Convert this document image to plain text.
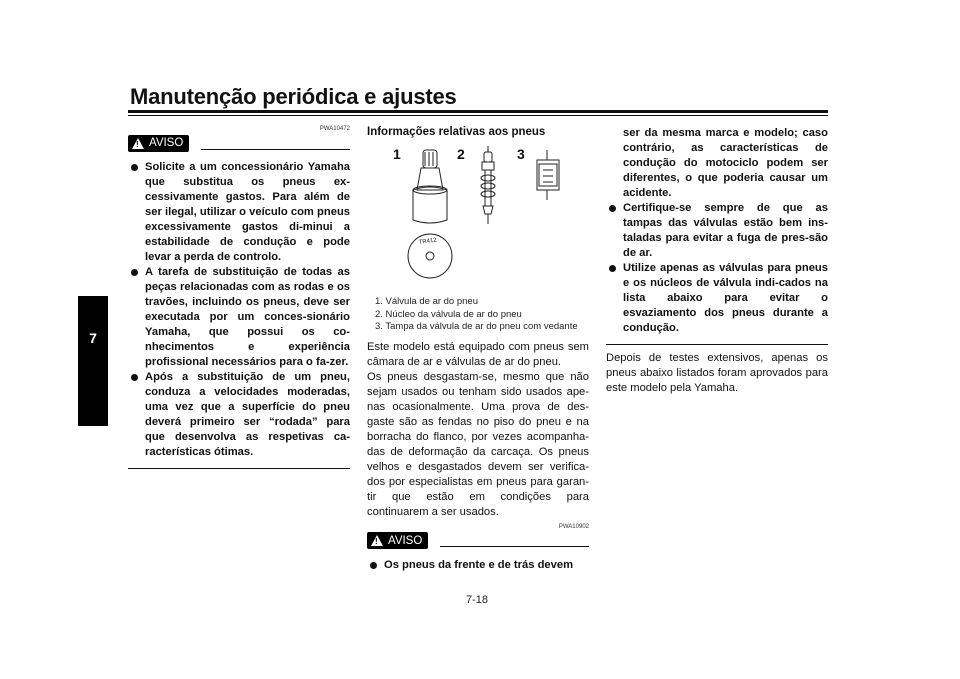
Manutenção periódica e ajustes
7
PWA10472
! AVISO
Solicite a um concessionário Yamaha que substitua os pneus ex-cessivamente gastos. Para além de ser ilegal, utilizar o veículo com pneus excessivamente gastos di-minui a estabilidade de condução e pode levar a perda de controlo.
A tarefa de substituição de todas as peças relacionadas com as rodas e os travões, incluindo os pneus, deve ser executada por um conces-sionário Yamaha, que possui os co-nhecimentos e experiência profissional necessários para o fa-zer.
Após a substituição de um pneu, conduza a velocidades moderadas, uma vez que a superfície do pneu deverá primeiro ser “rodada” para que desenvolva as respetivas ca-racterísticas ótimas.
Informações relativas aos pneus
1	2	3
TR412
1. Válvula de ar do pneu
2. Núcleo da válvula de ar do pneu
3. Tampa da válvula de ar do pneu com vedante
Este modelo está equipado com pneus sem câmara de ar e válvulas de ar do pneu.
Os pneus desgastam-se, mesmo que não sejam usados ou tenham sido usados ape-nas ocasionalmente. Uma prova de des-gaste são as fendas no piso do pneu e na borracha do flanco, por vezes acompanha-das de deformação da carcaça. Os pneus velhos e desgastados devem ser verifica-dos por especialistas em pneus para garan-tir que estão em condições para continuarem a ser usados.
PWA10902
! AVISO
Os pneus da frente e de trás devem
ser da mesma marca e modelo; caso contrário, as características de condução do motociclo podem ser diferentes, o que poderia causar um acidente.
Certifique-se sempre de que as tampas das válvulas estão bem ins-taladas para evitar a fuga de pres-são de ar.
Utilize apenas as válvulas para pneus e os núcleos de válvula indi-cados na lista abaixo para evitar o esvaziamento dos pneus durante a condução.
Depois de testes extensivos, apenas os pneus abaixo listados foram aprovados para este modelo pela Yamaha.
7-18
